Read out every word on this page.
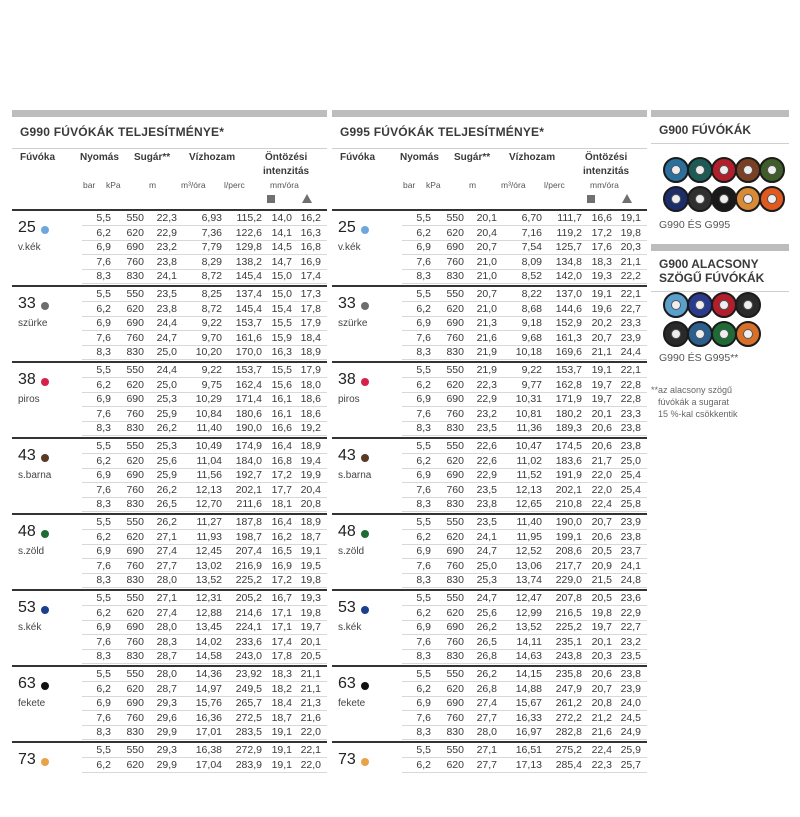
G990 FÚVÓKÁK TELJESÍTMÉNYE*
Fúvóka Nyomás Sugár** Vízhozam	Öntözési
intenzitás
bar kPa	m	m³/óra l/perc	mm/óra
25
v.kék
5,5 550 22,3 6,93 115,2 14,0 16,2
6,2 620 22,9 7,36 122,6 14,1 16,3
6,9 690 23,2 7,79 129,8 14,5 16,8
7,6 760 23,8 8,29 138,2 14,7 16,9
8,3 830 24,1 8,72 145,4 15,0 17,4
33
szürke
5,5 550 23,5 8,25 137,4 15,0 17,3
6,2 620 23,8 8,72 145,4 15,4 17,8
6,9 690 24,4 9,22 153,7 15,5 17,9
7,6 760 24,7 9,70 161,6 15,9 18,4
8,3 830 25,0 10,20 170,0 16,3 18,9
38
piros
5,5 550 24,4 9,22 153,7 15,5 17,9
6,2 620 25,0 9,75 162,4 15,6 18,0
6,9 690 25,3 10,29 171,4 16,1 18,6
7,6 760 25,9 10,84 180,6 16,1 18,6
8,3 830 26,2 11,40 190,0 16,6 19,2
43
s.barna
5,5 550 25,3 10,49 174,9 16,4 18,9
6,2 620 25,6 11,04 184,0 16,8 19,4
6,9 690 25,9 11,56 192,7 17,2 19,9
7,6 760 26,2 12,13 202,1 17,7 20,4
8,3 830 26,5 12,70 211,6 18,1 20,8
48
s.zöld
5,5 550 26,2 11,27 187,8 16,4 18,9
6,2 620 27,1 11,93 198,7 16,2 18,7
6,9 690 27,4 12,45 207,4 16,5 19,1
7,6 760 27,7 13,02 216,9 16,9 19,5
8,3 830 28,0 13,52 225,2 17,2 19,8
53
s.kék
5,5 550 27,1 12,31 205,2 16,7 19,3
6,2 620 27,4 12,88 214,6 17,1 19,8
6,9 690 28,0 13,45 224,1 17,1 19,7
7,6 760 28,3 14,02 233,6 17,4 20,1
8,3 830 28,7 14,58 243,0 17,8 20,5
63
fekete
5,5 550 28,0 14,36 23,92 18,3 21,1
6,2 620 28,7 14,97 249,5 18,2 21,1
6,9 690 29,3 15,76 265,7 18,4 21,3
7,6 760 29,6 16,36 272,5 18,7 21,6
8,3 830 29,9 17,01 283,5 19,1 22,0
73
5,5 550 29,3 16,38 272,9 19,1 22,1
6,2 620 29,9 17,04 283,9 19,1 22,0
G995 FÚVÓKÁK TELJESÍTMÉNYE*
Fúvóka Nyomás Sugár** Vízhozam	Öntözési
intenzitás
bar kPa	m	m³/óra l/perc	mm/óra
25
v.kék
5,5 550 20,1 6,70 111,7 16,6 19,1
6,2 620 20,4 7,16 119,2 17,2 19,8
6,9 690 20,7 7,54 125,7 17,6 20,3
7,6 760 21,0 8,09 134,8 18,3 21,1
8,3 830 21,0 8,52 142,0 19,3 22,2
33
szürke
5,5 550 20,7 8,22 137,0 19,1 22,1
6,2 620 21,0 8,68 144,6 19,6 22,7
6,9 690 21,3 9,18 152,9 20,2 23,3
7,6 760 21,6 9,68 161,3 20,7 23,9
8,3 830 21,9 10,18 169,6 21,1 24,4
38
piros
5,5 550 21,9 9,22 153,7 19,1 22,1
6,2 620 22,3 9,77 162,8 19,7 22,8
6,9 690 22,9 10,31 171,9 19,7 22,8
7,6 760 23,2 10,81 180,2 20,1 23,3
8,3 830 23,5 11,36 189,3 20,6 23,8
43
s.barna
5,5 550 22,6 10,47 174,5 20,6 23,8
6,2 620 22,6 11,02 183,6 21,7 25,0
6,9 690 22,9 11,52 191,9 22,0 25,4
7,6 760 23,5 12,13 202,1 22,0 25,4
8,3 830 23,8 12,65 210,8 22,4 25,8
48
s.zöld
5,5 550 23,5 11,40 190,0 20,7 23,9
6,2 620 24,1 11,95 199,1 20,6 23,8
6,9 690 24,7 12,52 208,6 20,5 23,7
7,6 760 25,0 13,06 217,7 20,9 24,1
8,3 830 25,3 13,74 229,0 21,5 24,8
53
s.kék
5,5 550 24,7 12,47 207,8 20,5 23,6
6,2 620 25,6 12,99 216,5 19,8 22,9
6,9 690 26,2 13,52 225,2 19,7 22,7
7,6 760 26,5 14,11 235,1 20,1 23,2
8,3 830 26,8 14,63 243,8 20,3 23,5
63
fekete
5,5 550 26,2 14,15 235,8 20,6 23,8
6,2 620 26,8 14,88 247,9 20,7 23,9
6,9 690 27,4 15,67 261,2 20,8 24,0
7,6 760 27,7 16,33 272,2 21,2 24,5
8,3 830 28,0 16,97 282,8 21,6 24,9
73
5,5 550 27,1 16,51 275,2 22,4 25,9
6,2 620 27,7 17,13 285,4 22,3 25,7
G900 FÚVÓKÁK
G990 ÉS G995
G900 ALACSONY
SZÖGŰ FÚVÓKÁK
G990 ÉS G995**
**az alacsony szögű
fúvókák a sugarat
15 %-kal csökkentik
